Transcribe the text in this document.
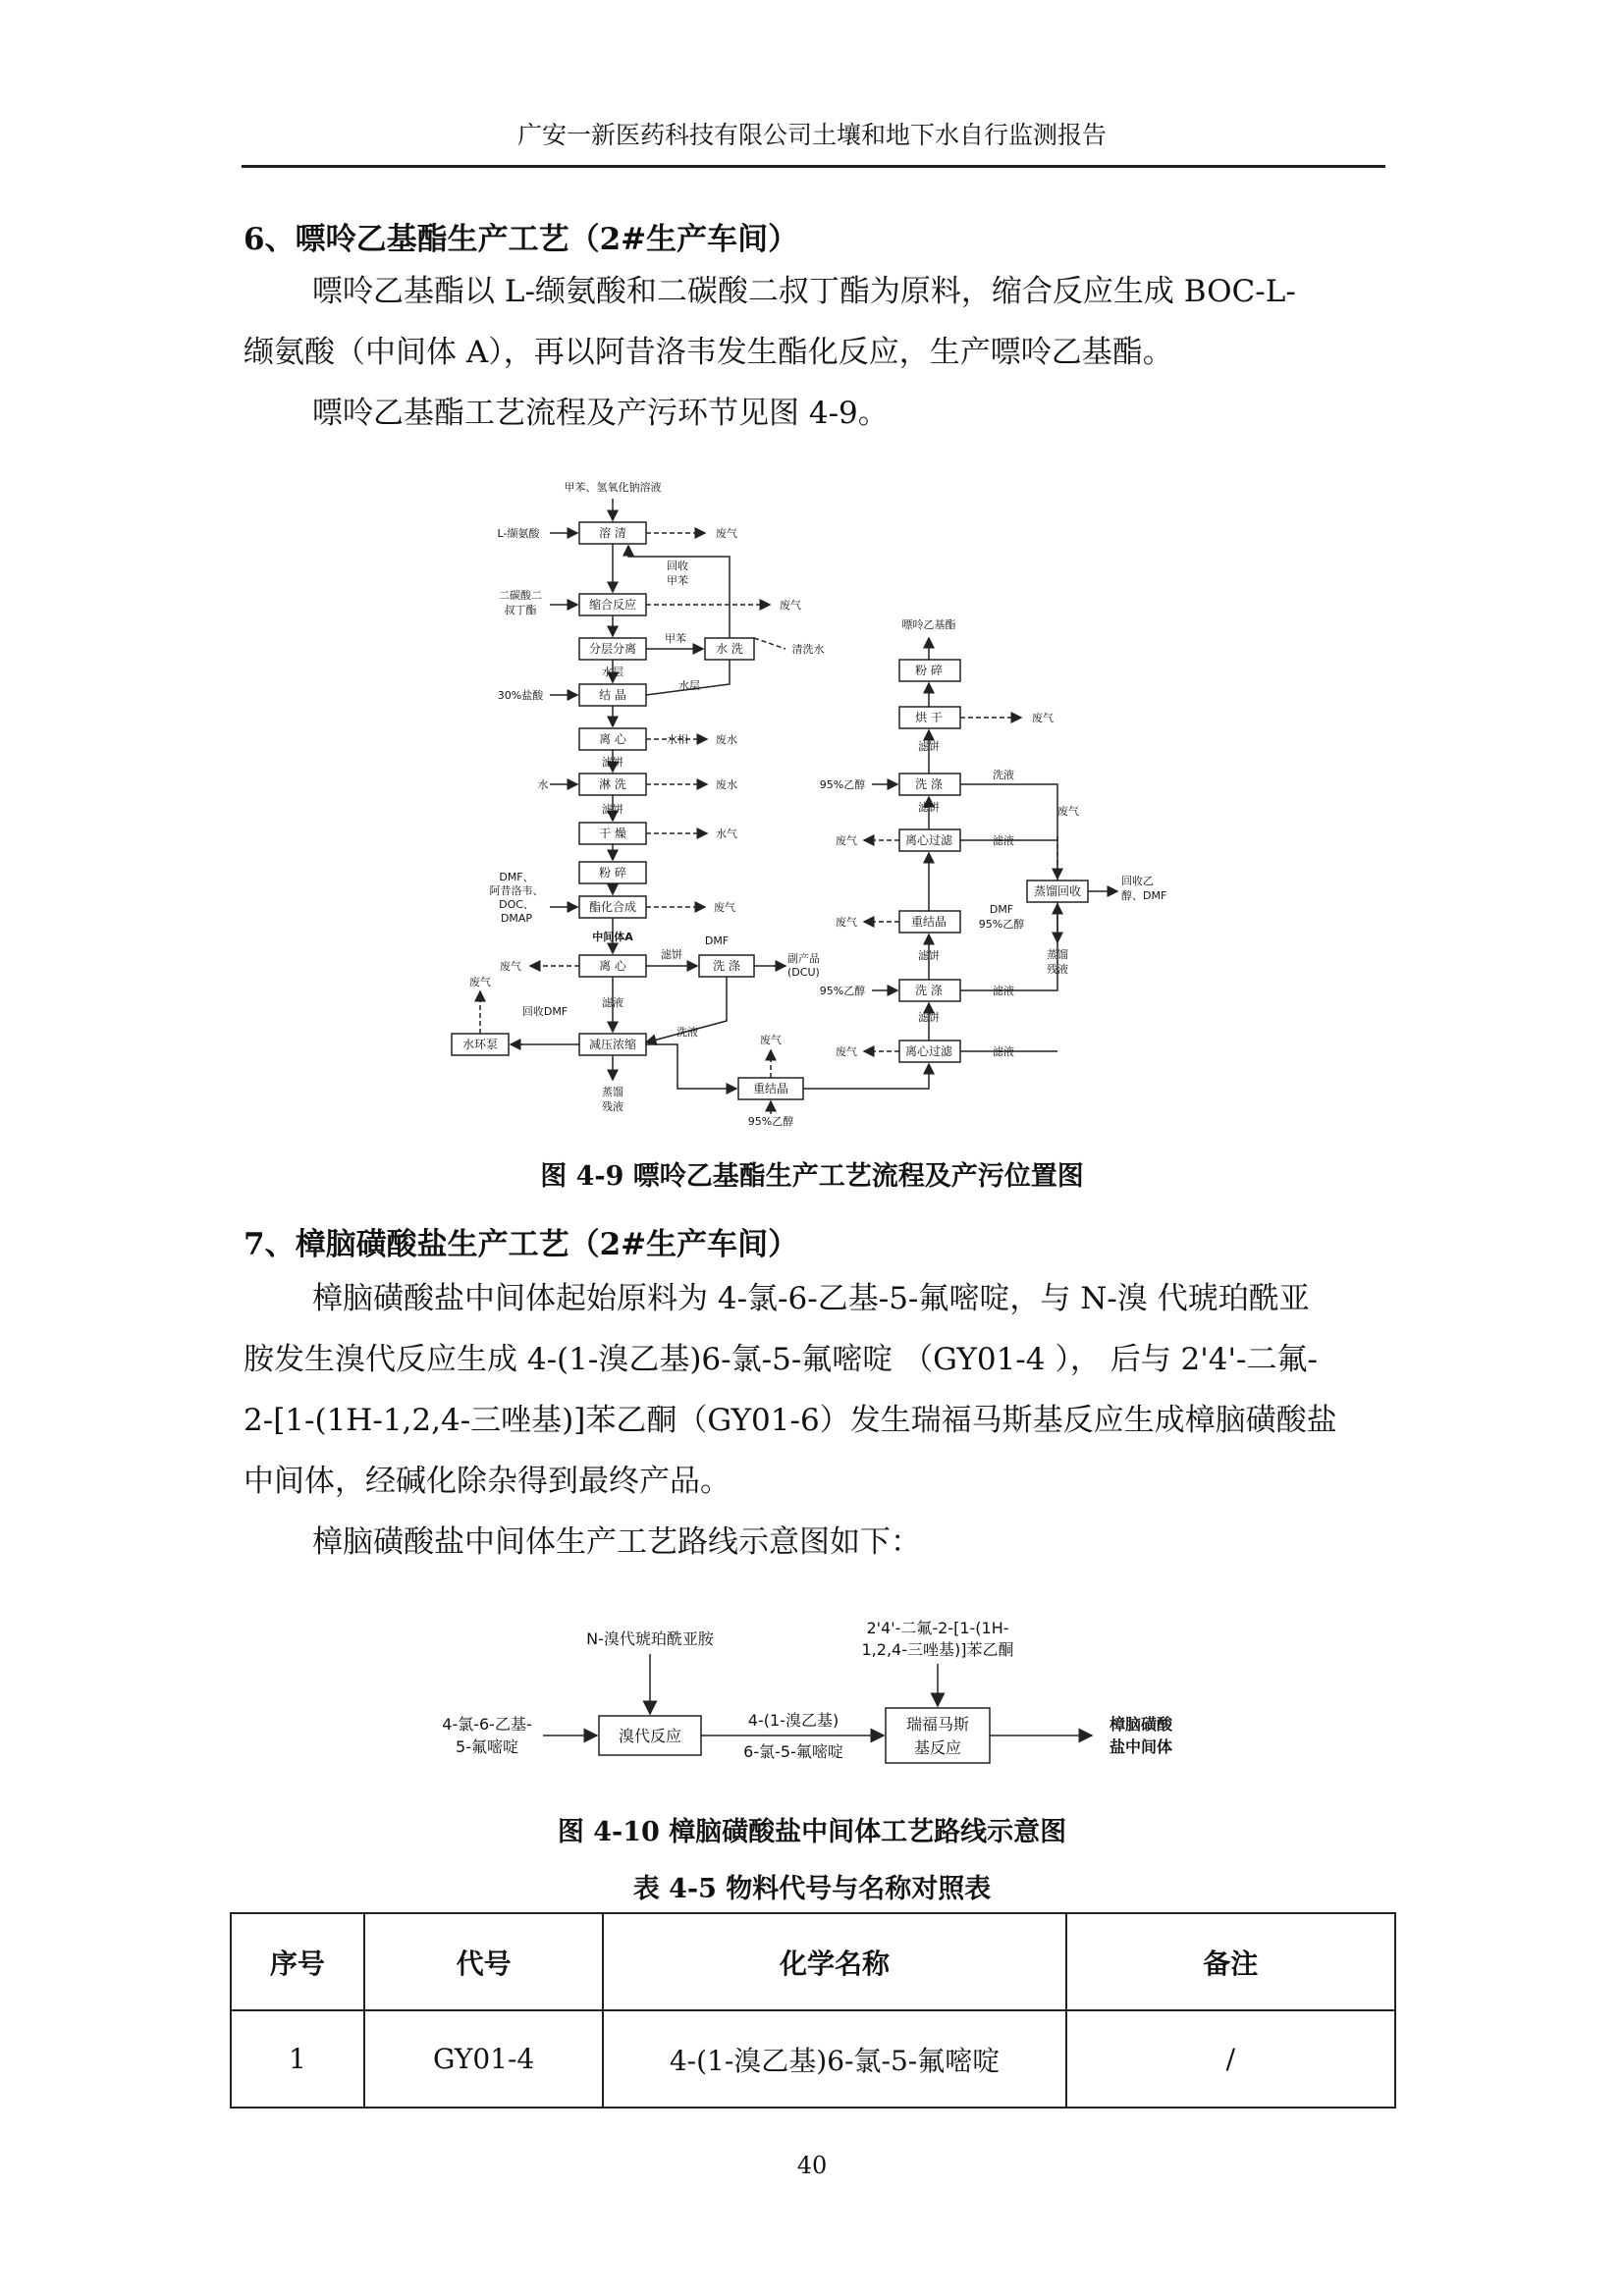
广安一新医药科技有限公司土壤和地下水自行监测报告
6、嘌呤乙基酯生产工艺（2#生产车间）
嘌呤乙基酯以 L-缬氨酸和二碳酸二叔丁酯为原料，缩合反应生成 BOC-L-
缬氨酸（中间体 A），再以阿昔洛韦发生酯化反应，生产嘌呤乙基酯。
嘌呤乙基酯工艺流程及产污环节见图 4-9。
溶 清
缩合反应
分层分离	水 洗
结 晶
离 心
淋 洗
干 燥
粉 碎
酯化合成
离 心	洗 涤
水环泵	减压浓缩
重结晶
粉 碎
烘 干
洗 涤
离心过滤
重结晶
洗 涤
离心过滤
蒸馏回收
甲苯、氢氧化钠溶液
L-缬氨酸	废气
回收
甲苯
二碳酸二
叔丁酯	废气
甲苯
清洗水
水层
水层
30%盐酸
水相	废水
滤饼
水	废水
滤饼
水气
DMF、
阿昔洛韦、
DOC、
DMAP
废气
中间体A
废气
滤饼
DMF
副产品
(DCU)
滤液
废气
回收DMF
洗液
蒸馏
残液
废气
95%乙醇
嘌呤乙基酯
废气
滤饼
95%乙醇
洗液
滤饼
废气	滤液
废气
废气
DMF
95%乙醇
回收乙
醇、DMF
滤饼
95%乙醇	滤液
滤饼
废气	滤液
蒸馏
残液
图 4-9 嘌呤乙基酯生产工艺流程及产污位置图
7、樟脑磺酸盐生产工艺（2#生产车间）
樟脑磺酸盐中间体起始原料为 4-氯-6-乙基-5-氟嘧啶，与 N-溴 代琥珀酰亚
胺发生溴代反应生成 4-(1-溴乙基)6-氯-5-氟嘧啶 （GY01-4 ）， 后与 2'4'-二氟-
2-[1-(1H-1,2,4-三唑基)]苯乙酮（GY01-6）发生瑞福马斯基反应生成樟脑磺酸盐
中间体，经碱化除杂得到最终产品。
樟脑磺酸盐中间体生产工艺路线示意图如下：
N-溴代琥珀酰亚胺
2'4'-二氟-2-[1-(1H-
1,2,4-三唑基)]苯乙酮
4-氯-6-乙基-
5-氟嘧啶
溴代反应
4-(1-溴乙基)
6-氯-5-氟嘧啶
瑞福马斯
基反应
樟脑磺酸
盐中间体
图 4-10 樟脑磺酸盐中间体工艺路线示意图
表 4-5 物料代号与名称对照表
序号	代号	化学名称	备注
1	GY01-4	4-(1-溴乙基)6-氯-5-氟嘧啶	/
40
